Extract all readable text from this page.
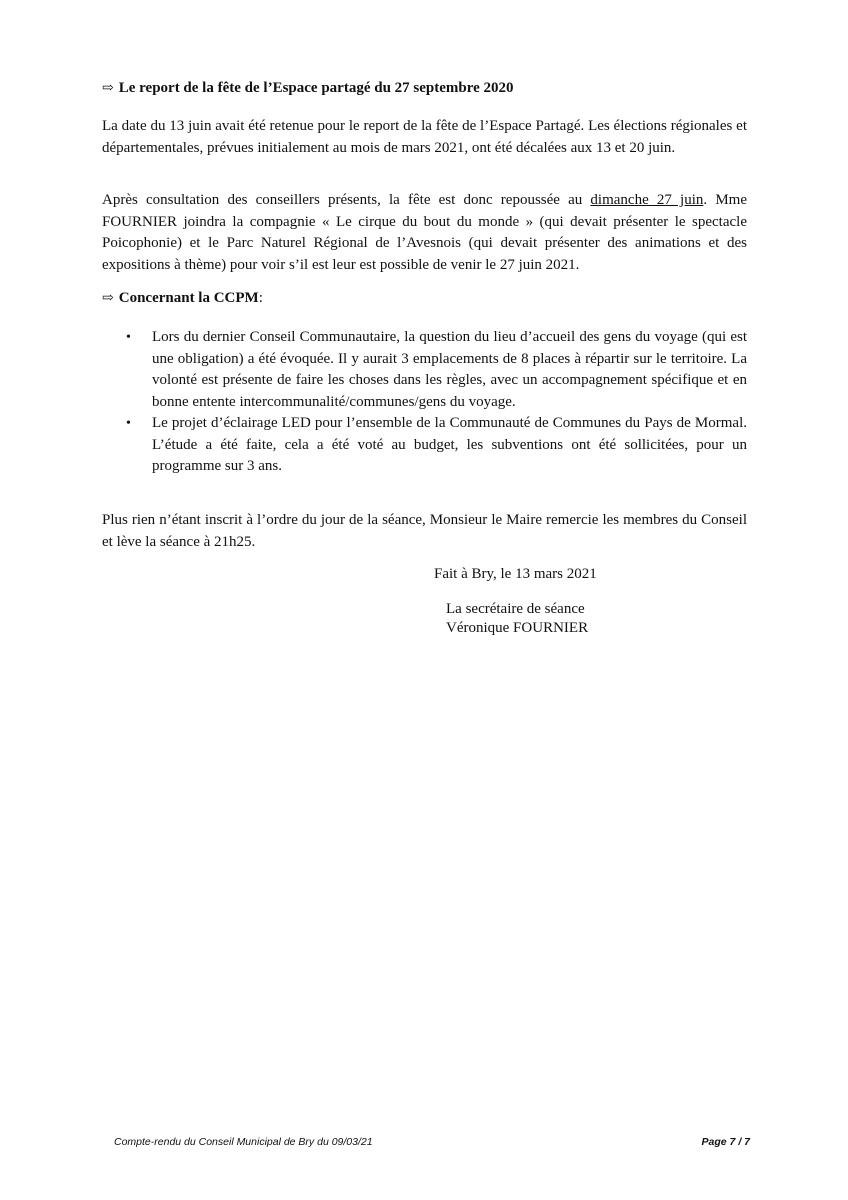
⇨ Le report de la fête de l’Espace partagé du 27 septembre 2020

La date du 13 juin avait été retenue pour le report de la fête de l’Espace Partagé. Les élections régionales et départementales, prévues initialement au mois de mars 2021, ont été décalées aux 13 et 20 juin.

Après consultation des conseillers présents, la fête est donc repoussée au dimanche 27 juin. Mme FOURNIER joindra la compagnie « Le cirque du bout du monde » (qui devait présenter le spectacle Poicophonie) et le Parc Naturel Régional de l’Avesnois (qui devait présenter des animations et des expositions à thème) pour voir s’il est leur est possible de venir le 27 juin 2021.

⇨ Concernant la CCPM :
• Lors du dernier Conseil Communautaire, la question du lieu d’accueil des gens du voyage (qui est une obligation) a été évoquée. Il y aurait 3 emplacements de 8 places à répartir sur le territoire. La volonté est présente de faire les choses dans les règles, avec un accompagnement spécifique et en bonne entente intercommunalité/communes/gens du voyage.
• Le projet d’éclairage LED pour l’ensemble de la Communauté de Communes du Pays de Mormal. L’étude a été faite, cela a été voté au budget, les subventions ont été sollicitées, pour un programme sur 3 ans.

Plus rien n’étant inscrit à l’ordre du jour de la séance, Monsieur le Maire remercie les membres du Conseil et lève la séance à 21h25.

Fait à Bry, le 13 mars 2021
La secrétaire de séance
Véronique FOURNIER
Compte-rendu du Conseil Municipal de Bry du 09/03/21	Page 7 / 7
